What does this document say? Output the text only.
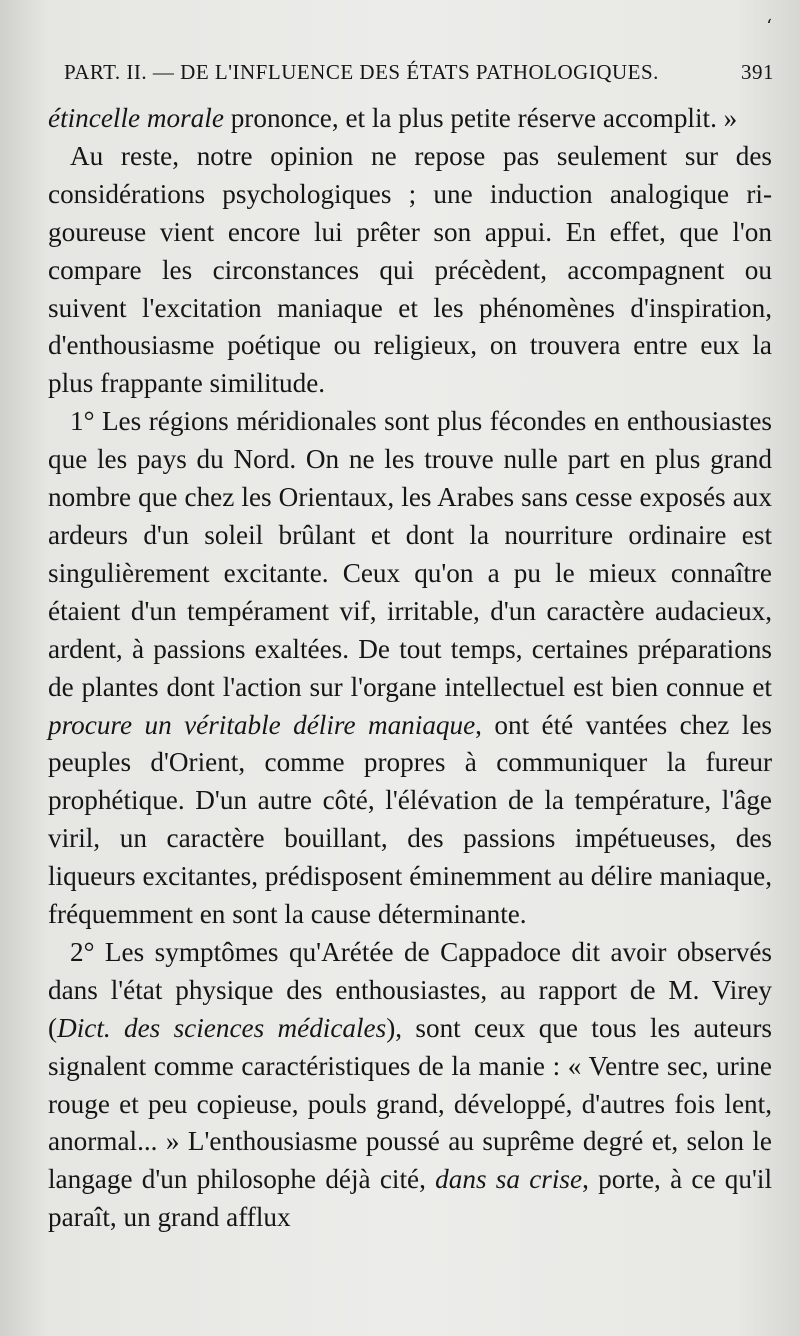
ʻ
PART. II. — DE L'INFLUENCE DES ÉTATS PATHOLOGIQUES.	391

étincelle morale prononce, et la plus petite réserve accomplit. »

Au reste, notre opinion ne repose pas seulement sur des considérations psychologiques ; une induction analogique rigoureuse vient encore lui prêter son appui. En effet, que l'on compare les circonstances qui précèdent, accompagnent ou suivent l'excitation maniaque et les phénomènes d'inspiration, d'enthousiasme poétique ou religieux, on trouvera entre eux la plus frappante similitude.

1° Les régions méridionales sont plus fécondes en enthousiastes que les pays du Nord. On ne les trouve nulle part en plus grand nombre que chez les Orientaux, les Arabes sans cesse exposés aux ardeurs d'un soleil brûlant et dont la nourriture ordinaire est singulièrement excitante. Ceux qu'on a pu le mieux connaître étaient d'un tempérament vif, irritable, d'un caractère audacieux, ardent, à passions exaltées. De tout temps, certaines préparations de plantes dont l'action sur l'organe intellectuel est bien connue et procure un véritable délire maniaque, ont été vantées chez les peuples d'Orient, comme propres à communiquer la fureur prophétique. D'un autre côté, l'élévation de la température, l'âge viril, un caractère bouillant, des passions impétueuses, des liqueurs excitantes, prédisposent éminemment au délire maniaque, fréquemment en sont la cause déterminante.

2° Les symptômes qu'Arétée de Cappadoce dit avoir observés dans l'état physique des enthousiastes, au rapport de M. Virey (Dict. des sciences médicales), sont ceux que tous les auteurs signalent comme caractéristiques de la manie : « Ventre sec, urine rouge et peu copieuse, pouls grand, développé, d'autres fois lent, anormal... » L'enthousiasme poussé au suprême degré et, selon le langage d'un philosophe déjà cité, dans sa crise, porte, à ce qu'il paraît, un grand afflux
